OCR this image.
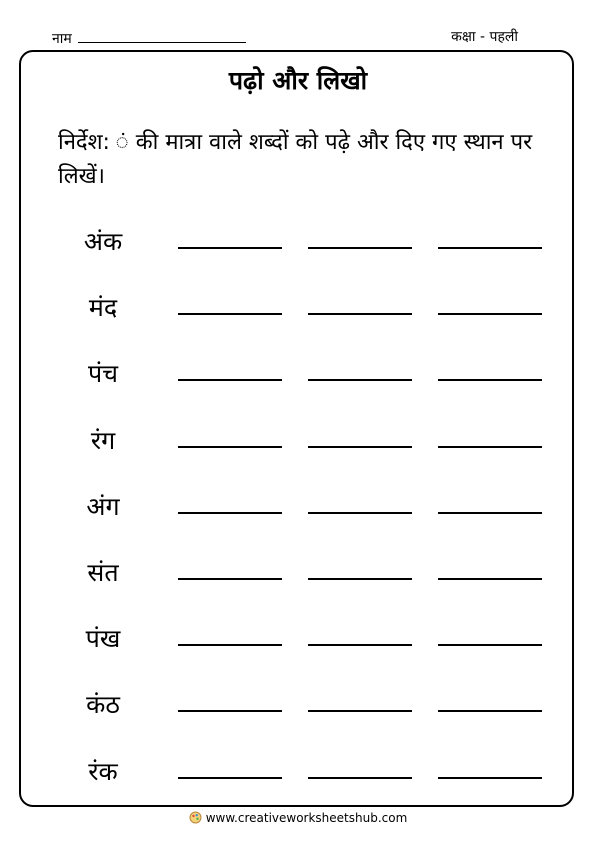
नाम	कक्षा - पहली
पढ़ो और लिखो
निर्देश: ं की मात्रा वाले शब्दों को पढ़े और दिए गए स्थान पर लिखें।
अंक
मंद
पंच
रंग
अंग
संत
पंख
कंठ
रंक
www.creativeworksheetshub.com
